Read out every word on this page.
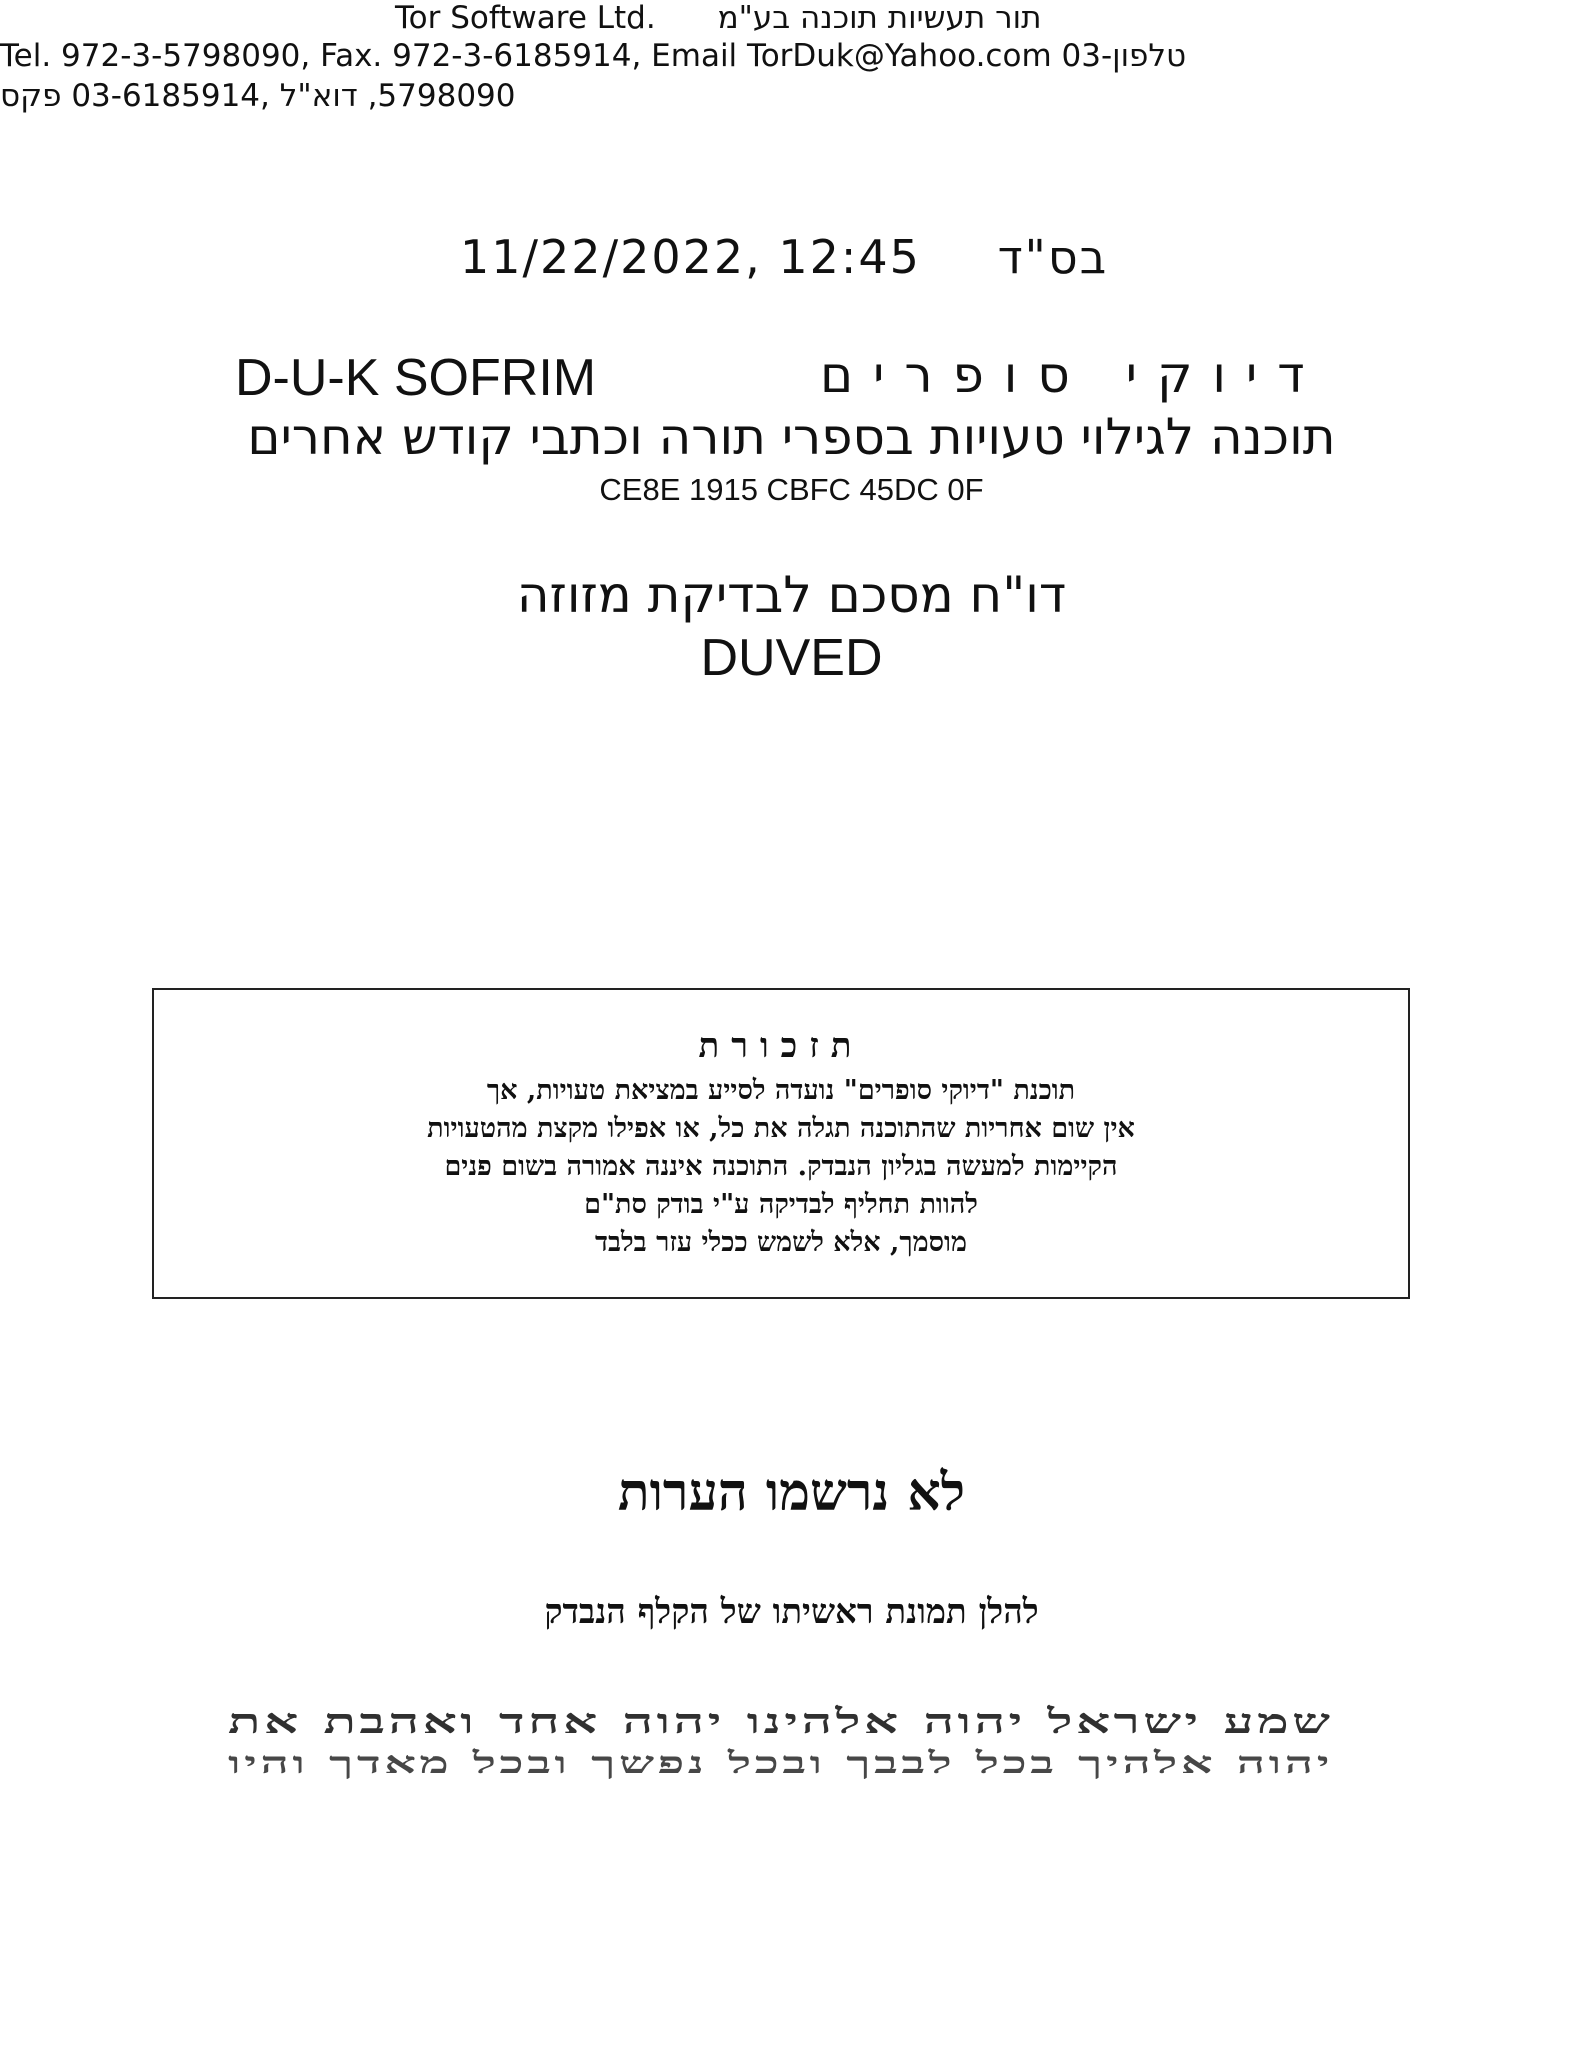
Tor Software Ltd. תור תעשיות תוכנה בע"מ
Tel. 972-3-5798090, Fax. 972-3-6185914, Email TorDuk@Yahoo.com 03-טלפון
5798090, דוא"ל ,03-6185914 פקס
11/22/2022, 12:45 בס"ד
D-U-K SOFRIM	דיוקי סופרים
תוכנה לגילוי טעויות בספרי תורה וכתבי קודש אחרים
CE8E 1915 CBFC 45DC 0F
דו"ח מסכם לבדיקת מזוזה
DUVED
תזכורת
תוכנת "דיוקי סופרים" נועדה לסייע במציאת טעויות, אך
אין שום אחריות שהתוכנה תגלה את כל, או אפילו מקצת מהטעויות
הקיימות למעשה בגליון הנבדק. התוכנה איננה אמורה בשום פנים
להוות תחליף לבדיקה ע"י בודק סת"ם
מוסמך, אלא לשמש ככלי עזר בלבד
לא נרשמו הערות
להלן תמונת ראשיתו של הקלף הנבדק
שמע ישראל יהוה אלהינו יהוה אחד ואהבת את
יהוה אלהיך בכל לבבך ובכל נפשך ובכל מאדך והיו
